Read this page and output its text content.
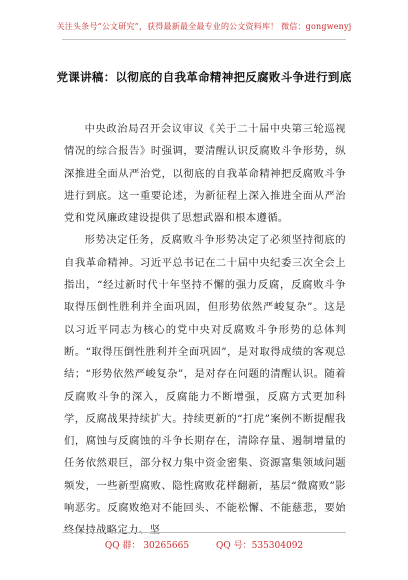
关注头条号“公文研究”，获得最新最全最专业的公文资料库！ 微信：gongwenyj
党课讲稿：以彻底的自我革命精神把反腐败斗争进行到底

中央政治局召开会议审议《关于二十届中央第三轮巡视情况的综合报告》时强调，要清醒认识反腐败斗争形势，纵深推进全面从严治党，以彻底的自我革命精神把反腐败斗争进行到底。这一重要论述，为新征程上深入推进全面从严治党和党风廉政建设提供了思想武器和根本遵循。

形势决定任务，反腐败斗争形势决定了必须坚持彻底的自我革命精神。习近平总书记在二十届中央纪委三次全会上指出，“经过新时代十年坚持不懈的强力反腐，反腐败斗争取得压倒性胜利并全面巩固，但形势依然严峻复杂”。这是以习近平同志为核心的党中央对反腐败斗争形势的总体判断。“取得压倒性胜利并全面巩固”，是对取得成绩的客观总结；“形势依然严峻复杂”，是对存在问题的清醒认识。随着反腐败斗争的深入，反腐能力不断增强，反腐方式更加科学，反腐战果持续扩大。持续更新的“打虎”案例不断提醒我们，腐蚀与反腐蚀的斗争长期存在，清除存量、遏制增量的任务依然艰巨，部分权力集中资金密集、资源富集领域问题频发，一些新型腐败、隐性腐败花样翻新，基层“微腐败”影响恶劣。反腐败绝对不能回头、不能松懈、不能慈悲，要始终保持战略定力、坚

QQ 群： 30265665	QQ 号：535304092
